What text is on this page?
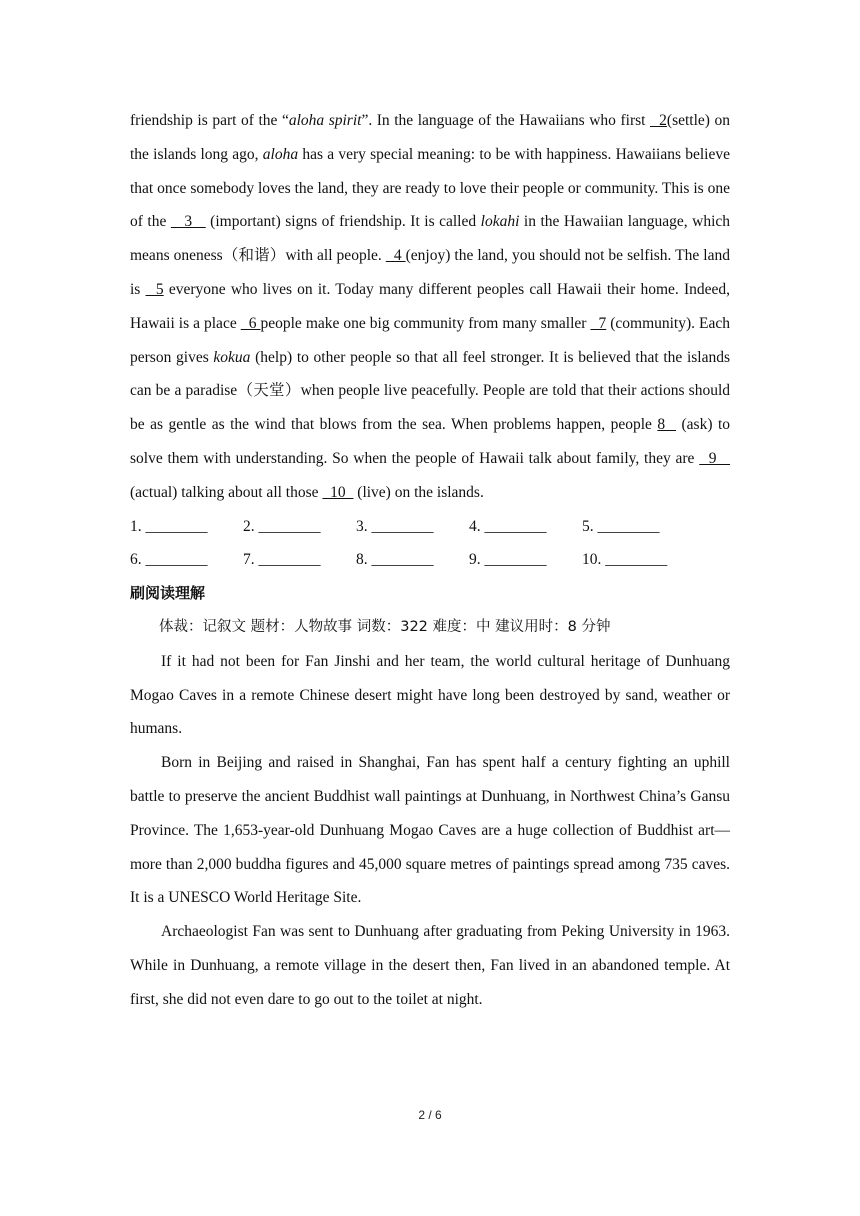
friendship is part of the “aloha spirit”. In the language of the Hawaiians who first   2(settle) on the islands long ago, aloha has a very special meaning: to be with happiness. Hawaiians believe that once somebody loves the land, they are ready to love their people or community. This is one of the    3    (important) signs of friendship. It is called lokahi in the Hawaiian language, which means oneness（和谐）with all people.   4 (enjoy) the land, you should not be selfish. The land is   5 everyone who lives on it. Today many different peoples call Hawaii their home. Indeed, Hawaii is a place   6 people make one big community from many smaller   7 (community). Each person gives kokua (help) to other people so that all feel stronger. It is believed that the islands can be a paradise（天堂）when people live peacefully. People are told that their actions should be as gentle as the wind that blows from the sea. When problems happen, people 8   (ask) to solve them with understanding. So when the people of Hawaii talk about family, they are   9    (actual) talking about all those   10   (live) on the islands.

1. ________	2. ________	3. ________	4. ________	5. ________
6. ________	7. ________	8. ________	9. ________	10. ________

刷阅读理解

体裁：记叙文 题材：人物故事 词数：322 难度：中 建议用时：8 分钟

If it had not been for Fan Jinshi and her team, the world cultural heritage of Dunhuang Mogao Caves in a remote Chinese desert might have long been destroyed by sand, weather or humans.

Born in Beijing and raised in Shanghai, Fan has spent half a century fighting an uphill battle to preserve the ancient Buddhist wall paintings at Dunhuang, in Northwest China’s Gansu Province. The 1,653-year-old Dunhuang Mogao Caves are a huge collection of Buddhist art—more than 2,000 buddha figures and 45,000 square metres of paintings spread among 735 caves. It is a UNESCO World Heritage Site.

Archaeologist Fan was sent to Dunhuang after graduating from Peking University in 1963. While in Dunhuang, a remote village in the desert then, Fan lived in an abandoned temple. At first, she did not even dare to go out to the toilet at night.

2 / 6
